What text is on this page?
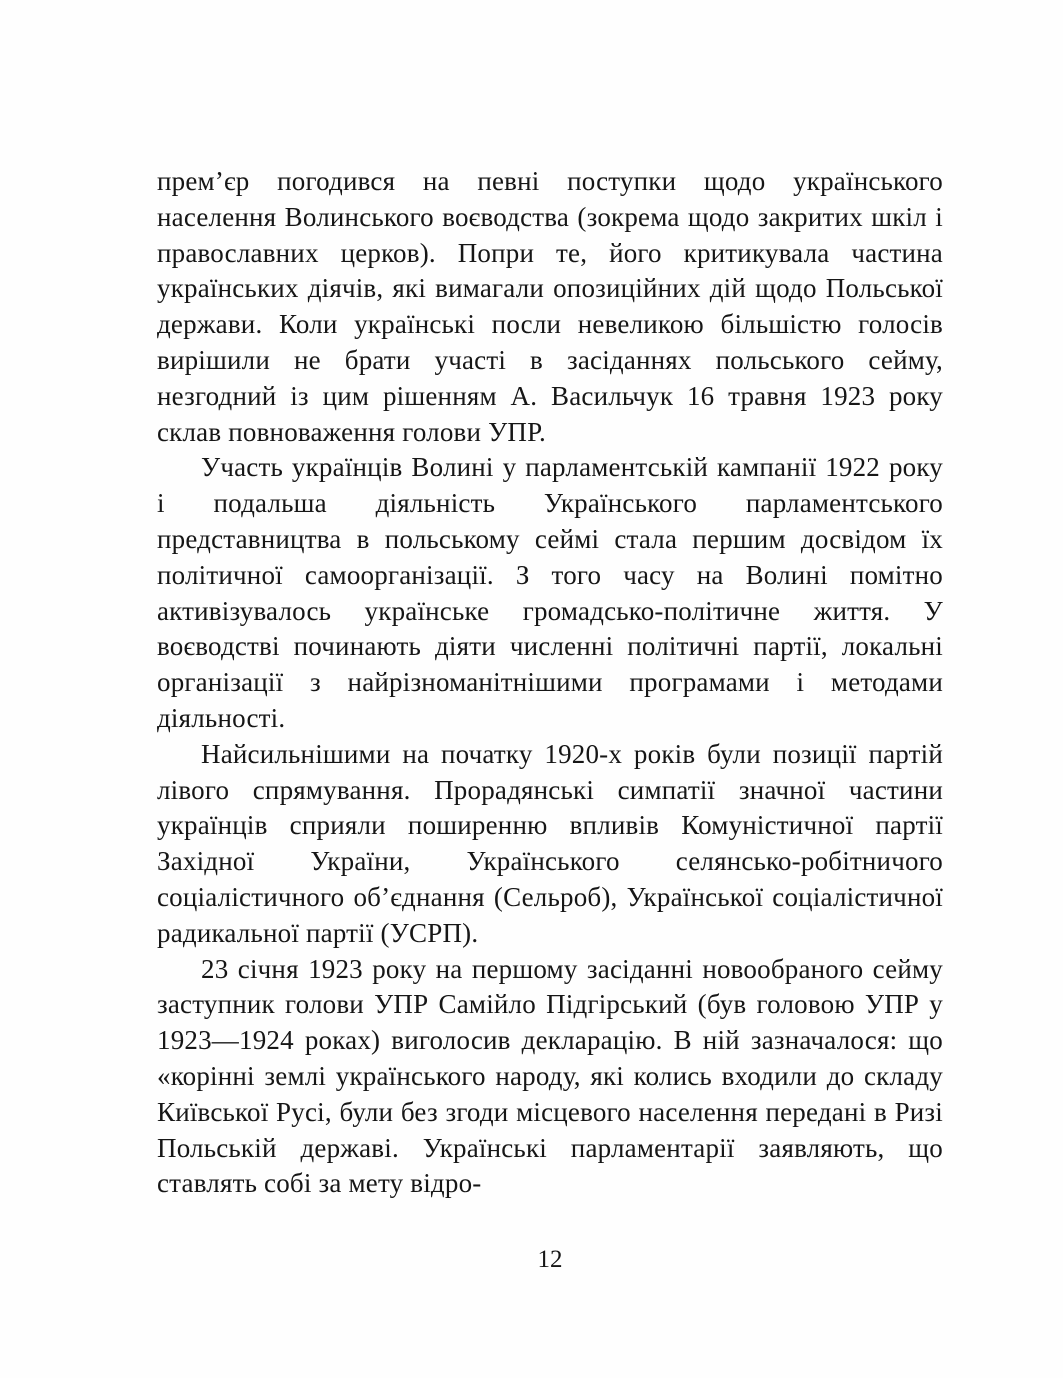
прем’єр погодився на певні поступки щодо українського населення Волинського воєводства (зокрема щодо закритих шкіл і православних церков). Попри те, його критикувала частина українських діячів, які вимагали опозиційних дій щодо Польської держави. Коли українські посли невеликою більшістю голосів вирішили не брати участі в засіданнях польського сейму, незгодний із цим рішенням А. Васильчук 16 травня 1923 року склав повноваження голови УПР.

Участь українців Волині у парламентській кампанії 1922 року і подальша діяльність Українського парламентського представництва в польському сеймі стала першим досвідом їх політичної самоорганізації. З того часу на Волині помітно активізувалось українське громадсько-політичне життя. У воєводстві починають діяти численні політичні партії, локальні організації з найрізноманітнішими програмами і методами діяльності.

Найсильнішими на початку 1920-х років були позиції партій лівого спрямування. Прорадянські симпатії значної частини українців сприяли поширенню впливів Комуністичної партії Західної України, Українського селянсько-робітничого соціалістичного об’єднання (Сельроб), Української соціалістичної радикальної партії (УСРП).

23 січня 1923 року на першому засіданні новообраного сейму заступник голови УПР Самійло Підгірський (був головою УПР у 1923—1924 роках) виголосив декларацію. В ній зазначалося: що «корінні землі українського народу, які колись входили до складу Київської Русі, були без згоди місцевого населення передані в Ризі Польській державі. Українські парламентарії заявляють, що ставлять собі за мету відро-

12
